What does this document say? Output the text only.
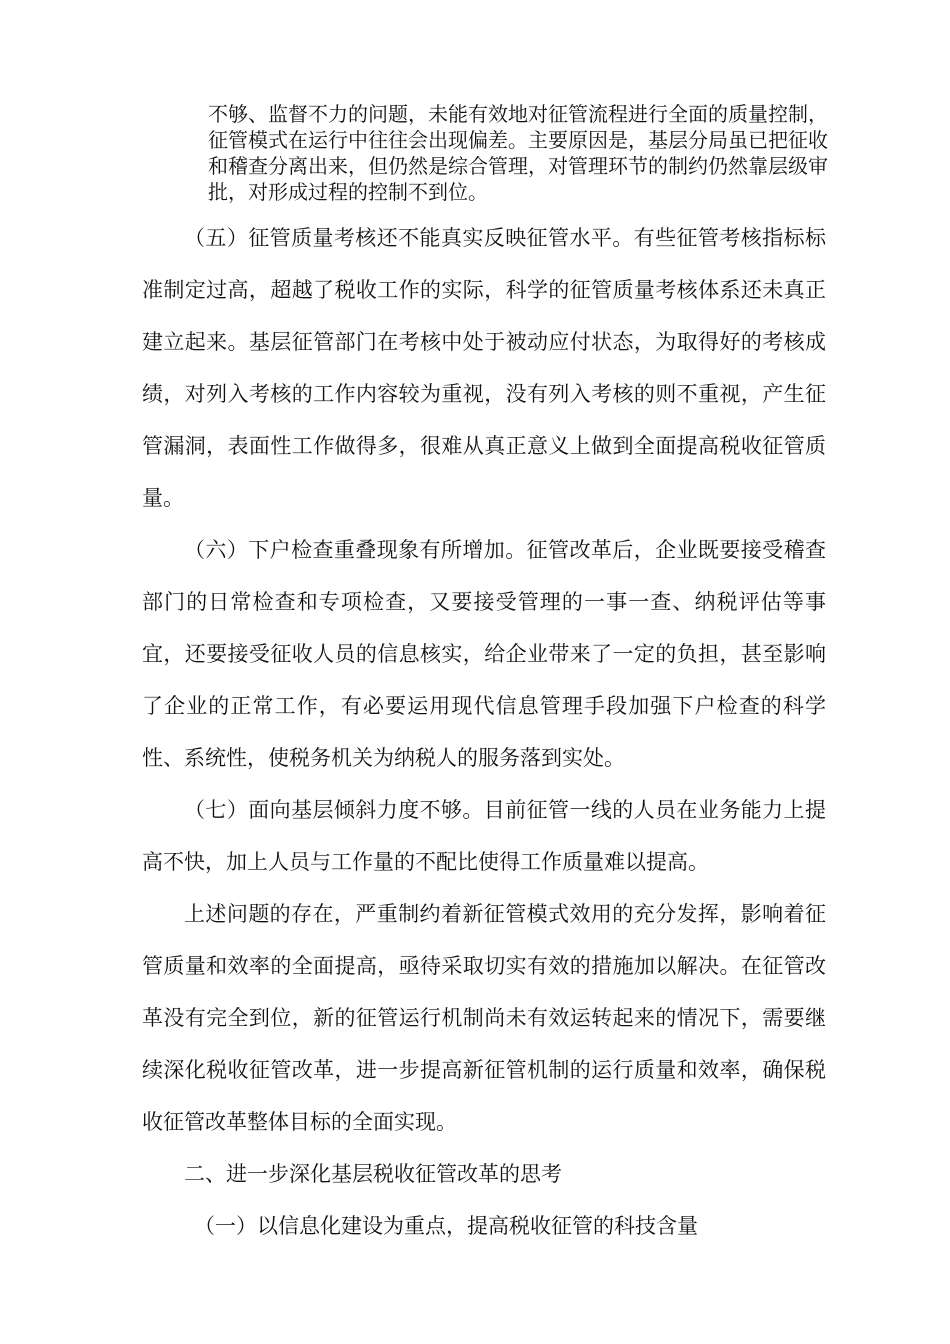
不够、监督不力的问题，未能有效地对征管流程进行全面的质量控制，征管模式在运行中往往会出现偏差。主要原因是，基层分局虽已把征收和稽查分离出来，但仍然是综合管理，对管理环节的制约仍然靠层级审批，对形成过程的控制不到位。

（五）征管质量考核还不能真实反映征管水平。有些征管考核指标标准制定过高，超越了税收工作的实际，科学的征管质量考核体系还未真正建立起来。基层征管部门在考核中处于被动应付状态，为取得好的考核成绩，对列入考核的工作内容较为重视，没有列入考核的则不重视，产生征管漏洞，表面性工作做得多，很难从真正意义上做到全面提高税收征管质量。

（六）下户检查重叠现象有所增加。征管改革后，企业既要接受稽查部门的日常检查和专项检查，又要接受管理的一事一查、纳税评估等事宜，还要接受征收人员的信息核实，给企业带来了一定的负担，甚至影响了企业的正常工作，有必要运用现代信息管理手段加强下户检查的科学性、系统性，使税务机关为纳税人的服务落到实处。

（七）面向基层倾斜力度不够。目前征管一线的人员在业务能力上提高不快，加上人员与工作量的不配比使得工作质量难以提高。

上述问题的存在，严重制约着新征管模式效用的充分发挥，影响着征管质量和效率的全面提高，亟待采取切实有效的措施加以解决。在征管改革没有完全到位，新的征管运行机制尚未有效运转起来的情况下，需要继续深化税收征管改革，进一步提高新征管机制的运行质量和效率，确保税收征管改革整体目标的全面实现。

二、进一步深化基层税收征管改革的思考

（一）以信息化建设为重点，提高税收征管的科技含量
